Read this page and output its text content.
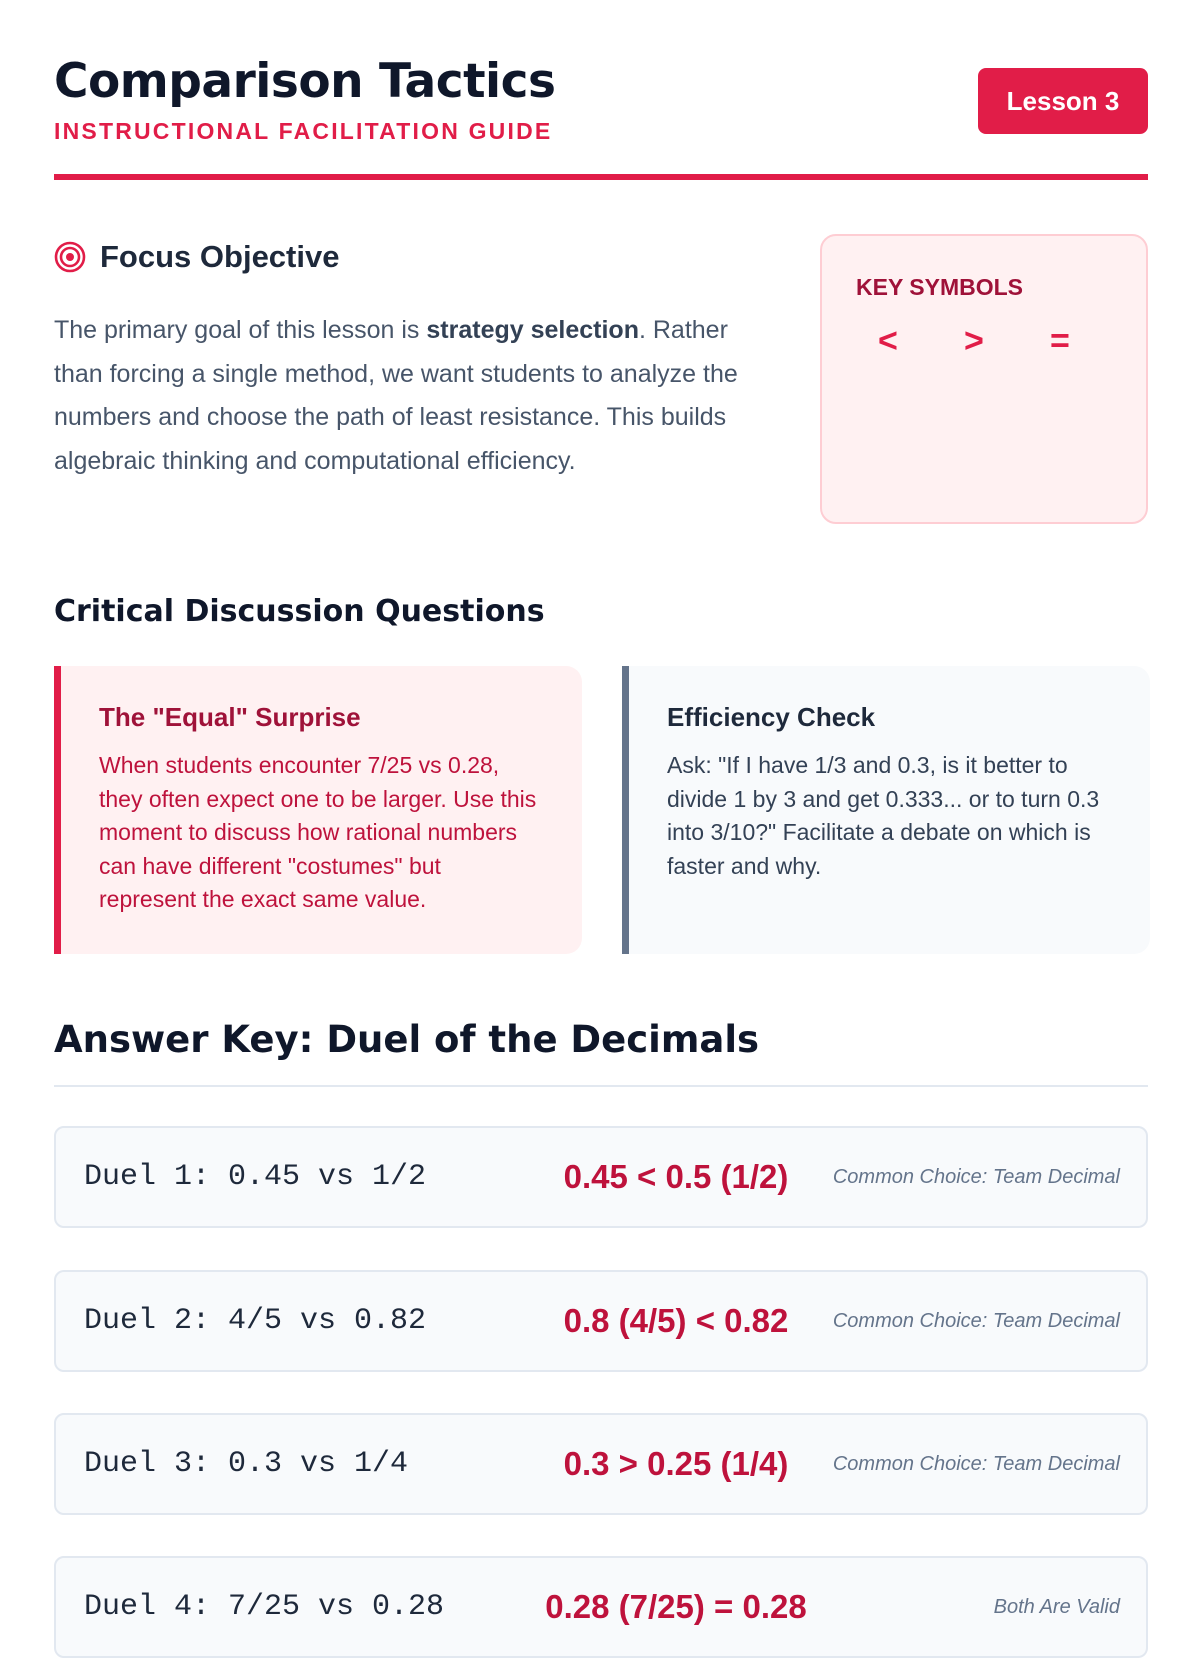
Comparison Tactics
INSTRUCTIONAL FACILITATION GUIDE
Lesson 3
Focus Objective

The primary goal of this lesson is strategy selection. Rather than forcing a single method, we want students to analyze the numbers and choose the path of least resistance. This builds algebraic thinking and computational efficiency.

KEY SYMBOLS
<	>	=
Critical Discussion Questions
The "Equal" Surprise
When students encounter 7/25 vs 0.28, they often expect one to be larger. Use this moment to discuss how rational numbers can have different "costumes" but represent the exact same value.
Efficiency Check
Ask: "If I have 1/3 and 0.3, is it better to divide 1 by 3 and get 0.333... or to turn 0.3 into 3/10?" Facilitate a debate on which is faster and why.
Answer Key: Duel of the Decimals
Duel 1: 0.45 vs 1/2	0.45 < 0.5 (1/2)	Common Choice: Team Decimal
Duel 2: 4/5 vs 0.82	0.8 (4/5) < 0.82	Common Choice: Team Decimal
Duel 3: 0.3 vs 1/4	0.3 > 0.25 (1/4)	Common Choice: Team Decimal
Duel 4: 7/25 vs 0.28	0.28 (7/25) = 0.28	Both Are Valid
